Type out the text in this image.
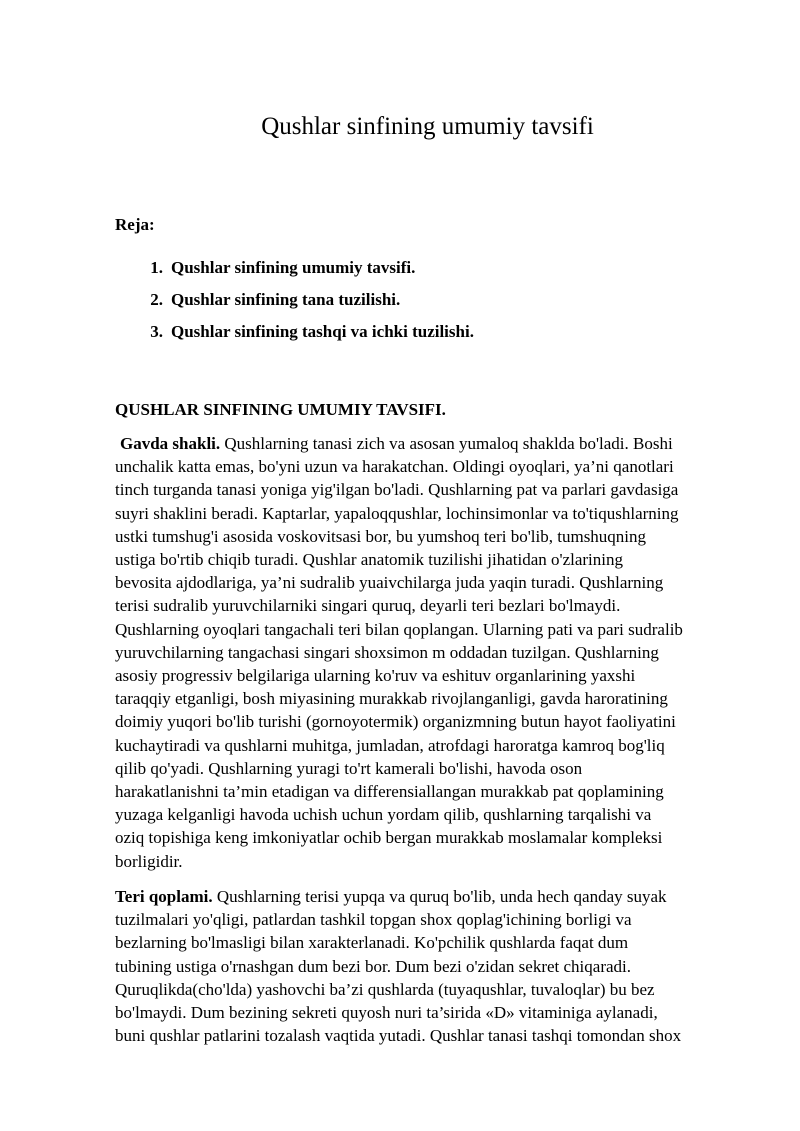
Qushlar sinfining umumiy tavsifi

Reja:

1. Qushlar sinfining umumiy tavsifi.
2. Qushlar sinfining tana tuzilishi.
3. Qushlar sinfining tashqi va ichki tuzilishi.
QUSHLAR SINFINING UMUMIY TAVSIFI.

Gavda shakli. Qushlarning tanasi zich va asosan yumaloq shaklda bo'ladi. Boshi
unchalik katta emas, bo'yni uzun va harakatchan. Oldingi oyoqlari, ya’ni qanotlari
tinch turganda tanasi yoniga yig'ilgan bo'ladi. Qushlarning pat va parlari gavdasiga
suyri shaklini beradi. Kaptarlar, yapaloqqushlar, lochinsimonlar va to'tiqushlarning
ustki tumshug'i asosida voskovitsasi bor, bu yumshoq teri bo'lib, tumshuqning
ustiga bo'rtib chiqib turadi. Qushlar anatomik tuzilishi jihatidan o'zlarining
bevosita ajdodlariga, ya’ni sudralib yuaivchilarga juda yaqin turadi. Qushlarning
terisi sudralib yuruvchilarniki singari quruq, deyarli teri bezlari bo'lmaydi.
Qushlarning oyoqlari tangachali teri bilan qoplangan. Ularning pati va pari sudralib
yuruvchilarning tangachasi singari shoxsimon m oddadan tuzilgan. Qushlarning
asosiy progressiv belgilariga ularning ko'ruv va eshituv organlarining yaxshi
taraqqiy etganligi, bosh miyasining murakkab rivojlanganligi, gavda haroratining
doimiy yuqori bo'lib turishi (gornoyotermik) organizmning butun hayot faoliyatini
kuchaytiradi va qushlarni muhitga, jumladan, atrofdagi haroratga kamroq bog'liq
qilib qo'yadi. Qushlarning yuragi to'rt kamerali bo'lishi, havoda oson
harakatlanishni ta’min etadigan va differensiallangan murakkab pat qoplamining
yuzaga kelganligi havoda uchish uchun yordam qilib, qushlarning tarqalishi va
oziq topishiga keng imkoniyatlar ochib bergan murakkab moslamalar kompleksi
borligidir.

Teri qoplami. Qushlarning terisi yupqa va quruq bo'lib, unda hech qanday suyak
tuzilmalari yo'qligi, patlardan tashkil topgan shox qoplag'ichining borligi va
bezlarning bo'lmasligi bilan xarakterlanadi. Ko'pchilik qushlarda faqat dum
tubining ustiga o'rnashgan dum bezi bor. Dum bezi o'zidan sekret chiqaradi.
Quruqlikda(cho'lda) yashovchi ba’zi qushlarda (tuyaqushlar, tuvaloqlar) bu bez
bo'lmaydi. Dum bezining sekreti quyosh nuri ta’sirida «D» vitaminiga aylanadi,
buni qushlar patlarini tozalash vaqtida yutadi. Qushlar tanasi tashqi tomondan shox
